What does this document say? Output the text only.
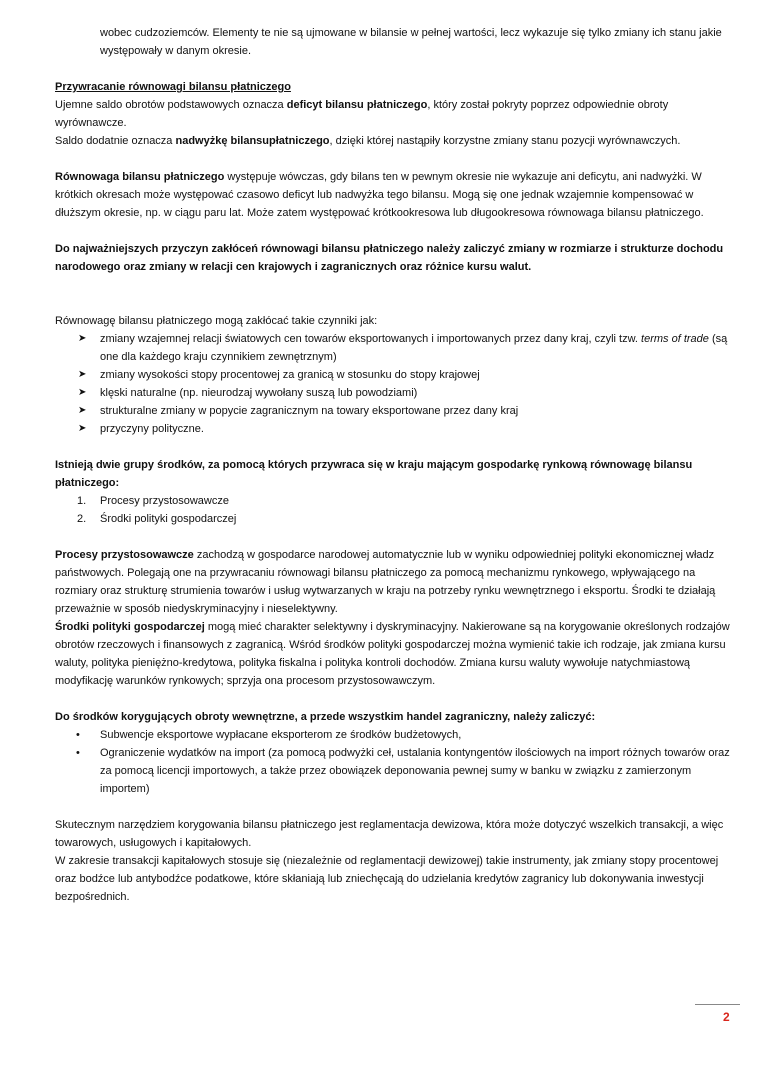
wobec cudzoziemców. Elementy te nie są ujmowane w bilansie w pełnej wartości, lecz wykazuje się tylko zmiany ich stanu jakie występowały w danym okresie.

Przywracanie równowagi bilansu płatniczego

Ujemne saldo obrotów podstawowych oznacza deficyt bilansu płatniczego, który został pokryty poprzez odpowiednie obroty wyrównawcze.

Saldo dodatnie oznacza nadwyżkę bilansupłatniczego, dzięki której nastąpiły korzystne zmiany stanu pozycji wyrównawczych.

Równowaga bilansu płatniczego występuje wówczas, gdy bilans ten w pewnym okresie nie wykazuje ani deficytu, ani nadwyżki. W krótkich okresach może występować czasowo deficyt lub nadwyżka tego bilansu. Mogą się one jednak wzajemnie kompensować w dłuższym okresie, np. w ciągu paru lat. Może zatem występować krótkookresowa lub długookresowa równowaga bilansu płatniczego.

Do najważniejszych przyczyn zakłóceń równowagi bilansu płatniczego należy zaliczyć zmiany w rozmiarze i strukturze dochodu narodowego oraz zmiany w relacji cen krajowych i zagranicznych oraz różnice kursu walut.

Równowagę bilansu płatniczego mogą zakłócać takie czynniki jak:

➤ zmiany wzajemnej relacji światowych cen towarów eksportowanych i importowanych przez dany kraj, czyli tzw. terms of trade (są one dla każdego kraju czynnikiem zewnętrznym)
➤ zmiany wysokości stopy procentowej za granicą w stosunku do stopy krajowej
➤ klęski naturalne (np. nieurodzaj wywołany suszą lub powodziami)
➤ strukturalne zmiany w popycie zagranicznym na towary eksportowane przez dany kraj
➤ przyczyny polityczne.

Istnieją dwie grupy środków, za pomocą których przywraca się w kraju mającym gospodarkę rynkową równowagę bilansu płatniczego:

1. Procesy przystosowawcze
2. Środki polityki gospodarczej

Procesy przystosowawcze zachodzą w gospodarce narodowej automatycznie lub w wyniku odpowiedniej polityki ekonomicznej władz państwowych. Polegają one na przywracaniu równowagi bilansu płatniczego za pomocą mechanizmu rynkowego, wpływającego na rozmiary oraz strukturę strumienia towarów i usług wytwarzanych w kraju na potrzeby rynku wewnętrznego i eksportu. Środki te działają przeważnie w sposób niedyskryminacyjny i nieselektywny.

Środki polityki gospodarczej mogą mieć charakter selektywny i dyskryminacyjny. Nakierowane są na korygowanie określonych rodzajów obrotów rzeczowych i finansowych z zagranicą. Wśród środków polityki gospodarczej można wymienić takie ich rodzaje, jak zmiana kursu waluty, polityka pieniężno-kredytowa, polityka fiskalna i polityka kontroli dochodów. Zmiana kursu waluty wywołuje natychmiastową modyfikację warunków rynkowych; sprzyja ona procesom przystosowawczym.

Do środków korygujących obroty wewnętrzne, a przede wszystkim handel zagraniczny, należy zaliczyć:

• Subwencje eksportowe wypłacane eksporterom ze środków budżetowych,
• Ograniczenie wydatków na import (za pomocą podwyżki ceł, ustalania kontyngentów ilościowych na import różnych towarów oraz za pomocą licencji importowych, a także przez obowiązek deponowania pewnej sumy w banku w związku z zamierzonym importem)

Skutecznym narzędziem korygowania bilansu płatniczego jest reglamentacja dewizowa, która może dotyczyć wszelkich transakcji, a więc towarowych, usługowych i kapitałowych.

W zakresie transakcji kapitałowych stosuje się (niezależnie od reglamentacji dewizowej) takie instrumenty, jak zmiany stopy procentowej oraz bodźce lub antybodźce podatkowe, które skłaniają lub zniechęcają do udzielania kredytów zagranicy lub dokonywania inwestycji bezpośrednich.

2
